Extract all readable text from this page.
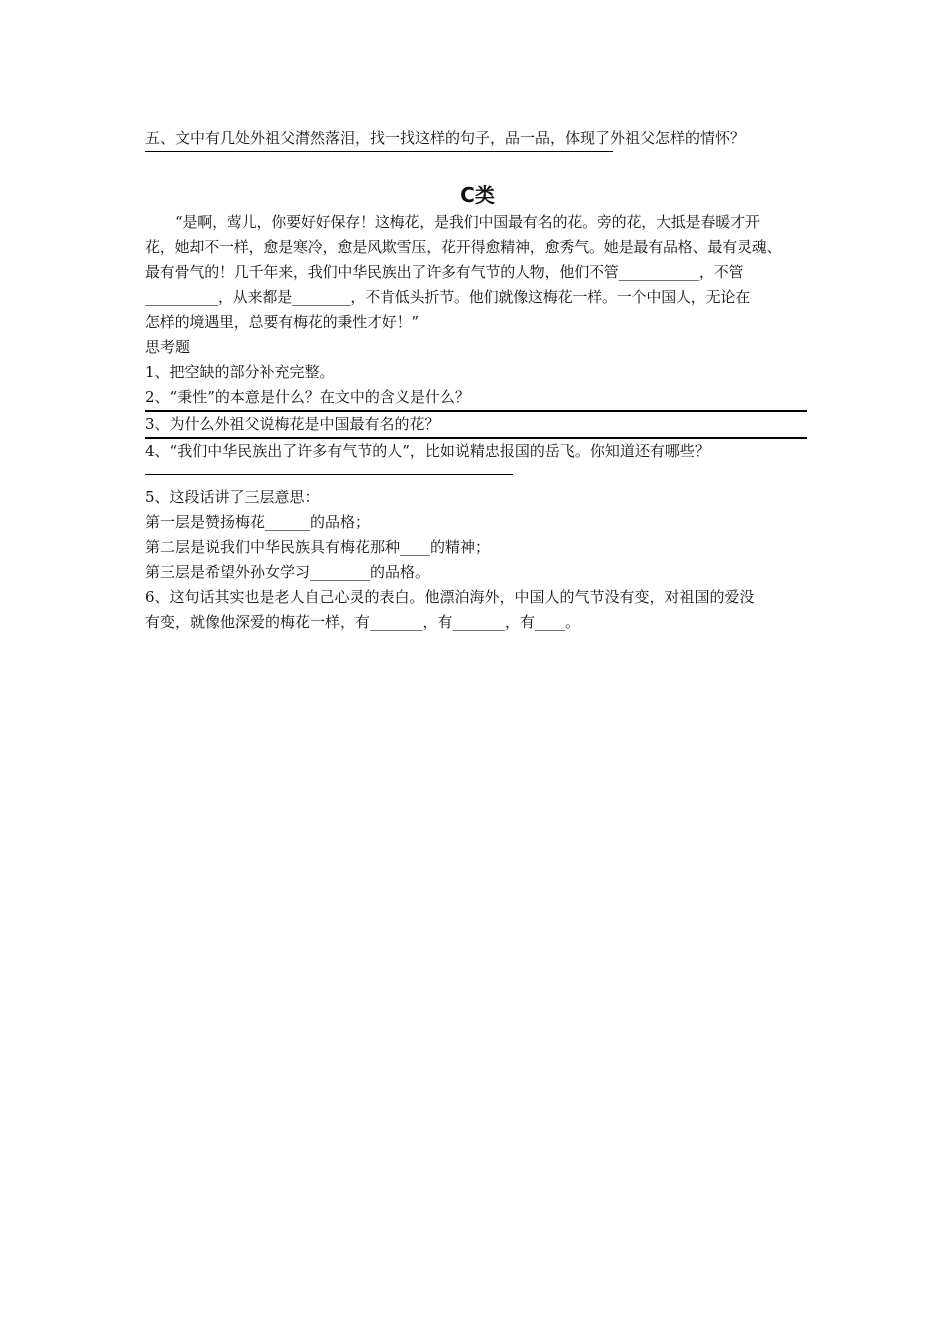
五、文中有几处外祖父潸然落泪，找一找这样的句子，品一品，体现了外祖父怎样的情怀？
C类
“是啊，莺儿，你要好好保存！这梅花，是我们中国最有名的花。旁的花，大抵是春暖才开
花，她却不一样，愈是寒冷，愈是风欺雪压，花开得愈精神，愈秀气。她是最有品格、最有灵魂、
最有骨气的！几千年来，我们中华民族出了许多有气节的人物，他们不管___________，不管
__________，从来都是________，不肯低头折节。他们就像这梅花一样。一个中国人，无论在
怎样的境遇里，总要有梅花的秉性才好！”
思考题
1、把空缺的部分补充完整。
2、“秉性”的本意是什么？在文中的含义是什么？
3、为什么外祖父说梅花是中国最有名的花？
4、“我们中华民族出了许多有气节的人”，比如说精忠报国的岳飞。你知道还有哪些？
5、这段话讲了三层意思：
第一层是赞扬梅花______的品格；
第二层是说我们中华民族具有梅花那种____的精神；
第三层是希望外孙女学习________的品格。
6、这句话其实也是老人自己心灵的表白。他漂泊海外，中国人的气节没有变，对祖国的爱没
有变，就像他深爱的梅花一样，有_______，有_______，有____。
